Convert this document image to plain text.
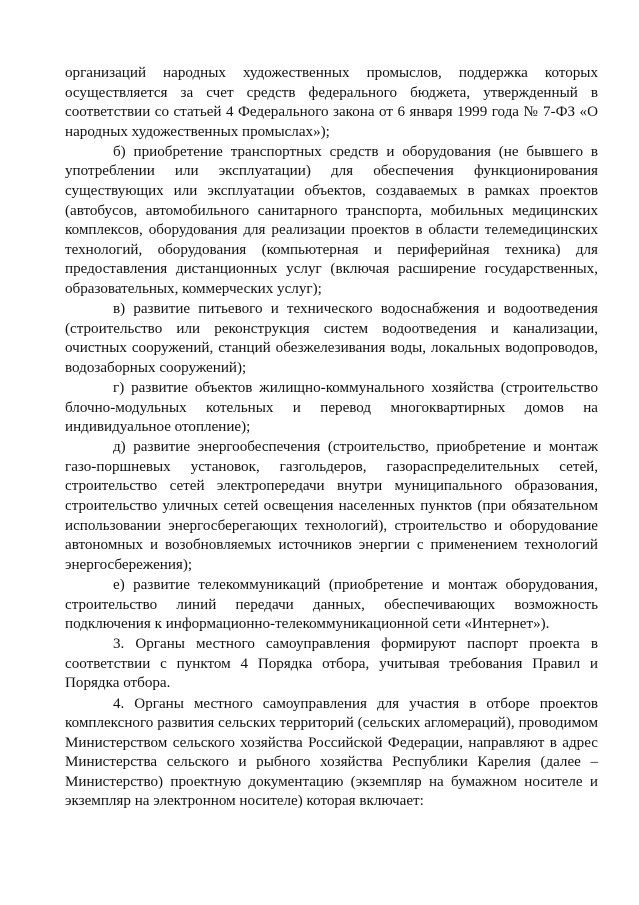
организаций народных художественных промыслов, поддержка которых осуществляется за счет средств федерального бюджета, утвержденный в соответствии со статьей 4 Федерального закона от 6 января 1999 года № 7-ФЗ «О народных художественных промыслах»);

б) приобретение транспортных средств и оборудования (не бывшего в употреблении или эксплуатации) для обеспечения функционирования существующих или эксплуатации объектов, создаваемых в рамках проектов (автобусов, автомобильного санитарного транспорта, мобильных медицинских комплексов, оборудования для реализации проектов в области телемедицинских технологий, оборудования (компьютерная и периферийная техника) для предоставления дистанционных услуг (включая расширение государственных, образовательных, коммерческих услуг);

в) развитие питьевого и технического водоснабжения и водоотведения (строительство или реконструкция систем водоотведения и канализации, очистных сооружений, станций обезжелезивания воды, локальных водопроводов, водозаборных сооружений);

г) развитие объектов жилищно-коммунального хозяйства (строительство блочно-модульных котельных и перевод многоквартирных домов на индивидуальное отопление);

д) развитие энергообеспечения (строительство, приобретение и монтаж газо-поршневых установок, газгольдеров, газораспределительных сетей, строительство сетей электропередачи внутри муниципального образования, строительство уличных сетей освещения населенных пунктов (при обязательном использовании энергосберегающих технологий), строительство и оборудование автономных и возобновляемых источников энергии с применением технологий энергосбережения);

е) развитие телекоммуникаций (приобретение и монтаж оборудования, строительство линий передачи данных, обеспечивающих возможность подключения к информационно-телекоммуникационной сети «Интернет»).

3. Органы местного самоуправления формируют паспорт проекта в соответствии с пунктом 4 Порядка отбора, учитывая требования Правил и Порядка отбора.

4. Органы местного самоуправления для участия в отборе проектов комплексного развития сельских территорий (сельских агломераций), проводимом Министерством сельского хозяйства Российской Федерации, направляют в адрес Министерства сельского и рыбного хозяйства Республики Карелия (далее – Министерство) проектную документацию (экземпляр на бумажном носителе и экземпляр на электронном носителе) которая включает:
